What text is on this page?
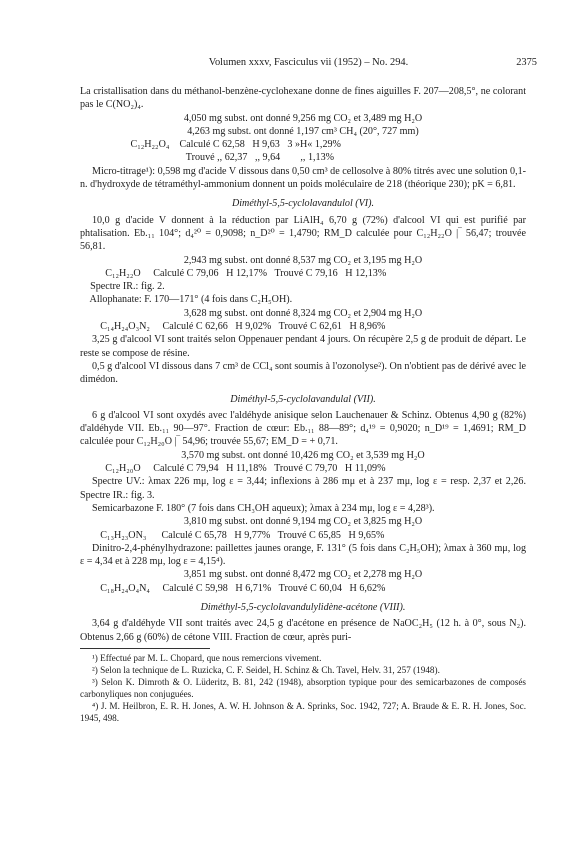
Volumen xxxv, Fasciculus vii (1952) – No. 294.	2375

La cristallisation dans du méthanol-benzène-cyclohexane donne de fines aiguilles F. 207—208,5°, ne colorant pas le C(NO₂)₄.

4,050 mg subst. ont donné 9,256 mg CO₂ et 3,489 mg H₂O

4,263 mg subst. ont donné 1,197 cm³ CH₄ (20°, 727 mm)

C₁₂H₂₂O₄    Calculé C 62,58   H 9,63   3 »H« 1,29%

Trouvé ,, 62,37   ,, 9,64        ,, 1,13%

Micro-titrage¹): 0,598 mg d'acide V dissous dans 0,50 cm³ de cellosolve à 80% titrés avec une solution 0,1-n. d'hydroxyde de tétraméthyl-ammonium donnent un poids moléculaire de 218 (théorique 230); pK = 6,81.

Diméthyl-5,5-cyclolavandulol (VI).

10,0 g d'acide V donnent à la réduction par LiAlH₄ 6,70 g (72%) d'alcool VI qui est purifié par phtalisation. Eb.₁₁ 104°; d₄²⁰ = 0,9098; n_D²⁰ = 1,4790; RM_D calculée pour C₁₂H₂₂O |‾ 56,47; trouvée 56,81.

2,943 mg subst. ont donné 8,537 mg CO₂ et 3,195 mg H₂O

C₁₂H₂₂O     Calculé C 79,06   H 12,17%   Trouvé C 79,16   H 12,13%

Spectre IR.: fig. 2.

Allophanate: F. 170—171° (4 fois dans C₂H₅OH).

3,628 mg subst. ont donné 8,324 mg CO₂ et 2,904 mg H₂O

C₁₄H₂₄O₃N₂     Calculé C 62,66   H 9,02%   Trouvé C 62,61   H 8,96%

3,25 g d'alcool VI sont traités selon Oppenauer pendant 4 jours. On récupère 2,5 g de produit de départ. Le reste se compose de résine.

0,5 g d'alcool VI dissous dans 7 cm³ de CCl₄ sont soumis à l'ozonolyse²). On n'obtient pas de dérivé avec le dimédon.

Diméthyl-5,5-cyclolavandulal (VII).

6 g d'alcool VI sont oxydés avec l'aldéhyde anisique selon Lauchenauer & Schinz. Obtenus 4,90 g (82%) d'aldéhyde VII. Eb.₁₁ 90—97°. Fraction de cœur: Eb.₁₁ 88—89°; d₄¹⁹ = 0,9020; n_D¹⁹ = 1,4691; RM_D calculée pour C₁₂H₂₀O |‾ 54,96; trouvée 55,67; EM_D = + 0,71.

3,570 mg subst. ont donné 10,426 mg CO₂ et 3,539 mg H₂O

C₁₂H₂₀O     Calculé C 79,94   H 11,18%   Trouvé C 79,70   H 11,09%

Spectre UV.: λmax 226 mμ, log ε = 3,44; inflexions à 286 mμ et à 237 mμ, log ε = resp. 2,37 et 2,26. Spectre IR.: fig. 3.

Semicarbazone F. 180° (7 fois dans CH₃OH aqueux); λmax à 234 mμ, log ε = 4,28³).

3,810 mg subst. ont donné 9,194 mg CO₂ et 3,825 mg H₂O

C₁₃H₂₃ON₃      Calculé C 65,78   H 9,77%   Trouvé C 65,85   H 9,65%

Dinitro-2,4-phénylhydrazone: paillettes jaunes orange, F. 131° (5 fois dans C₂H₅OH); λmax à 360 mμ, log ε = 4,34 et à 228 mμ, log ε = 4,15⁴).

3,851 mg subst. ont donné 8,472 mg CO₂ et 2,278 mg H₂O

C₁₈H₂₄O₄N₄     Calculé C 59,98   H 6,71%   Trouvé C 60,04   H 6,62%

Diméthyl-5,5-cyclolavandulylidène-acétone (VIII).

3,64 g d'aldéhyde VII sont traités avec 24,5 g d'acétone en présence de NaOC₂H₅ (12 h. à 0°, sous N₂). Obtenus 2,66 g (60%) de cétone VIII. Fraction de cœur, après puri-

¹) Effectué par M. L. Chopard, que nous remercions vivement.

²) Selon la technique de L. Ruzicka, C. F. Seidel, H. Schinz & Ch. Tavel, Helv. 31, 257 (1948).

³) Selon K. Dimroth & O. Lüderitz, B. 81, 242 (1948), absorption typique pour des semicarbazones de composés carbonyliques non conjuguées.

⁴) J. M. Heilbron, E. R. H. Jones, A. W. H. Johnson & A. Sprinks, Soc. 1942, 727; A. Braude & E. R. H. Jones, Soc. 1945, 498.
